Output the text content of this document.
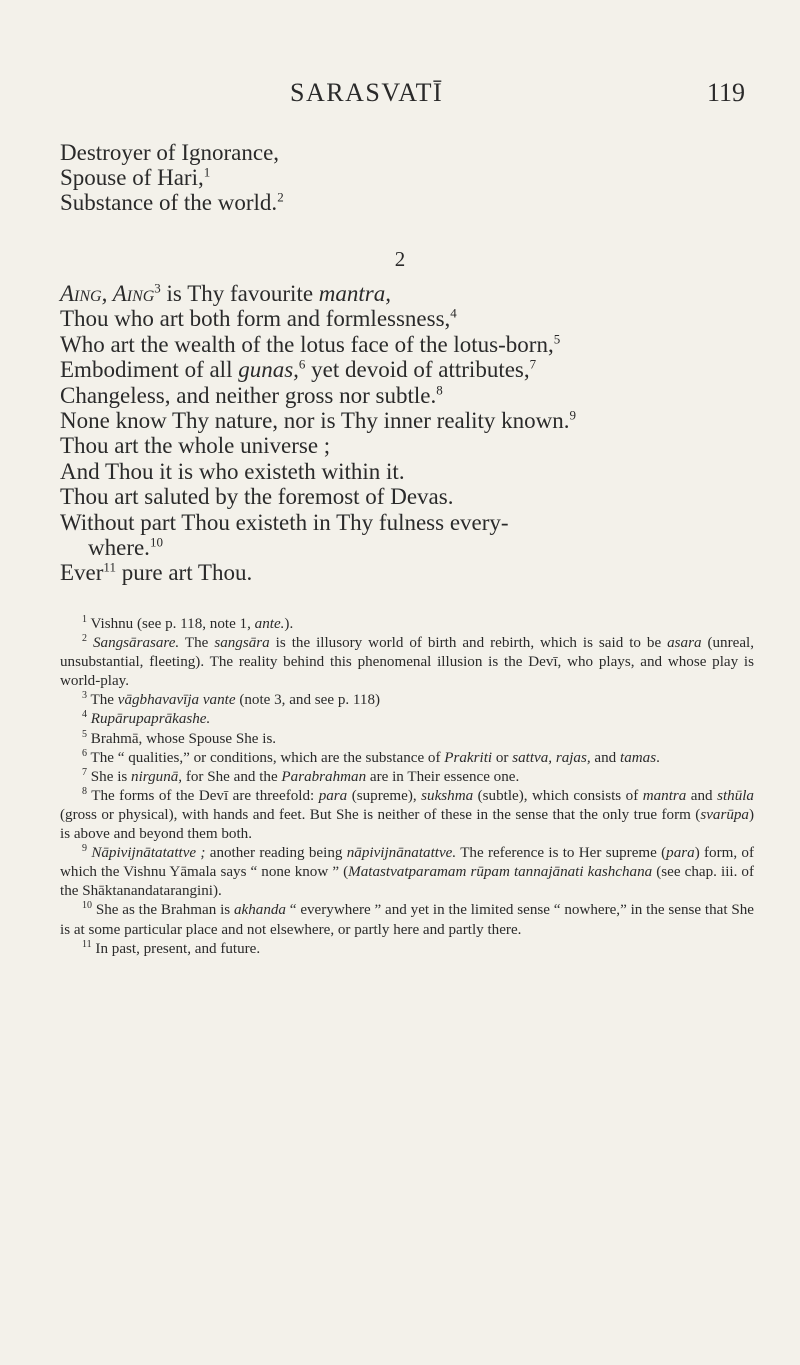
SARASVATĪ	119
Destroyer of Ignorance,
Spouse of Hari,$^1$
Substance of the world.$^2$
2
Aing, Aing$^3$ is Thy favourite mantra,
Thou who art both form and formlessness,$^4$
Who art the wealth of the lotus face of the lotus-born,$^5$
Embodiment of all gunas,$^6$ yet devoid of attributes,$^7$
Changeless, and neither gross nor subtle.$^8$
None know Thy nature, nor is Thy inner reality known.$^9$
Thou art the whole universe ;
And Thou it is who existeth within it.
Thou art saluted by the foremost of Devas.
Without part Thou existeth in Thy fulness every-
where.$^{10}$
Ever$^{11}$ pure art Thou.

$^1$ Vishnu (see p. 118, note 1, ante.).

$^2$ Sangsārasare. The sangsāra is the illusory world of birth and rebirth, which is said to be asara (unreal, unsubstantial, fleeting). The reality behind this phenomenal illusion is the Devī, who plays, and whose play is world-play.

$^3$ The vāgbhavavīja vante (note 3, and see p. 118)

$^4$ Rupārupaprākashe.

$^5$ Brahmā, whose Spouse She is.

$^6$ The “ qualities,” or conditions, which are the substance of Prakriti or sattva, rajas, and tamas.

$^7$ She is nirgunā, for She and the Parabrahman are in Their essence one.

$^8$ The forms of the Devī are threefold: para (supreme), sukshma (subtle), which consists of mantra and sthūla (gross or physical), with hands and feet. But She is neither of these in the sense that the only true form (svarūpa) is above and beyond them both.

$^9$ Nāpivijnātatattve ; another reading being nāpivijnānatattve. The reference is to Her supreme (para) form, of which the Vishnu Yāmala says “ none know ” (Matastvatparamam rūpam tannajānati kashchana (see chap. iii. of the Shāktanandatarangini).

$^{10}$ She as the Brahman is akhanda “ everywhere ” and yet in the limited sense “ nowhere,” in the sense that She is at some particular place and not elsewhere, or partly here and partly there.

$^{11}$ In past, present, and future.
